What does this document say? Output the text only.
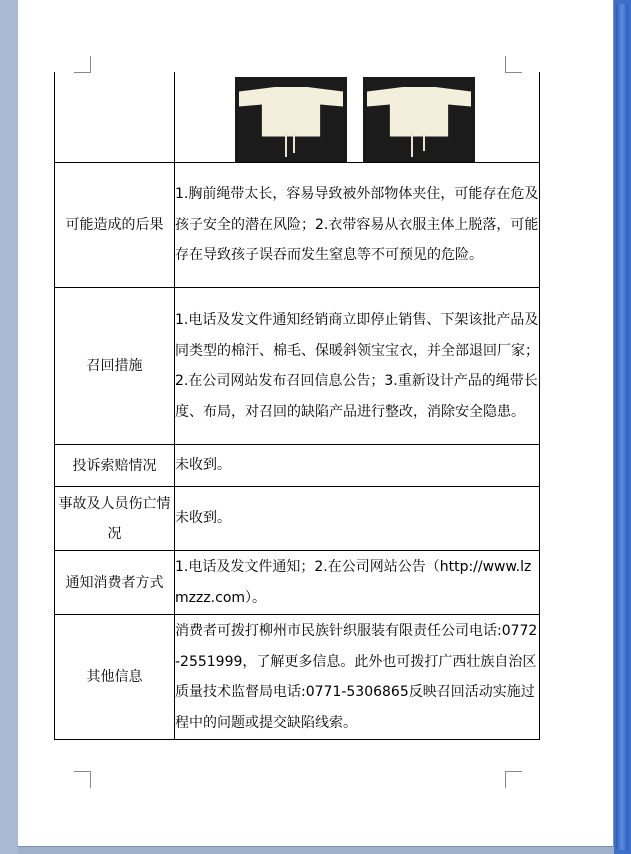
可能造成的后果	1.胸前绳带太长，容易导致被外部物体夹住，可能存在危及孩子安全的潜在风险；2.衣带容易从衣服主体上脱落，可能存在导致孩子误吞而发生窒息等不可预见的危险。
召回措施	1.电话及发文件通知经销商立即停止销售、下架该批产品及同类型的棉汗、棉毛、保暖斜领宝宝衣，并全部退回厂家；2.在公司网站发布召回信息公告；3.重新设计产品的绳带长度、布局，对召回的缺陷产品进行整改，消除安全隐患。
投诉索赔情况	未收到。
事故及人员伤亡情况	未收到。
通知消费者方式	1.电话及发文件通知；2.在公司网站公告（http://www.lzmzzz.com）。
其他信息	消费者可拨打柳州市民族针织服装有限责任公司电话:0772-2551999，了解更多信息。此外也可拨打广西壮族自治区质量技术监督局电话:0771-5306865反映召回活动实施过程中的问题或提交缺陷线索。
